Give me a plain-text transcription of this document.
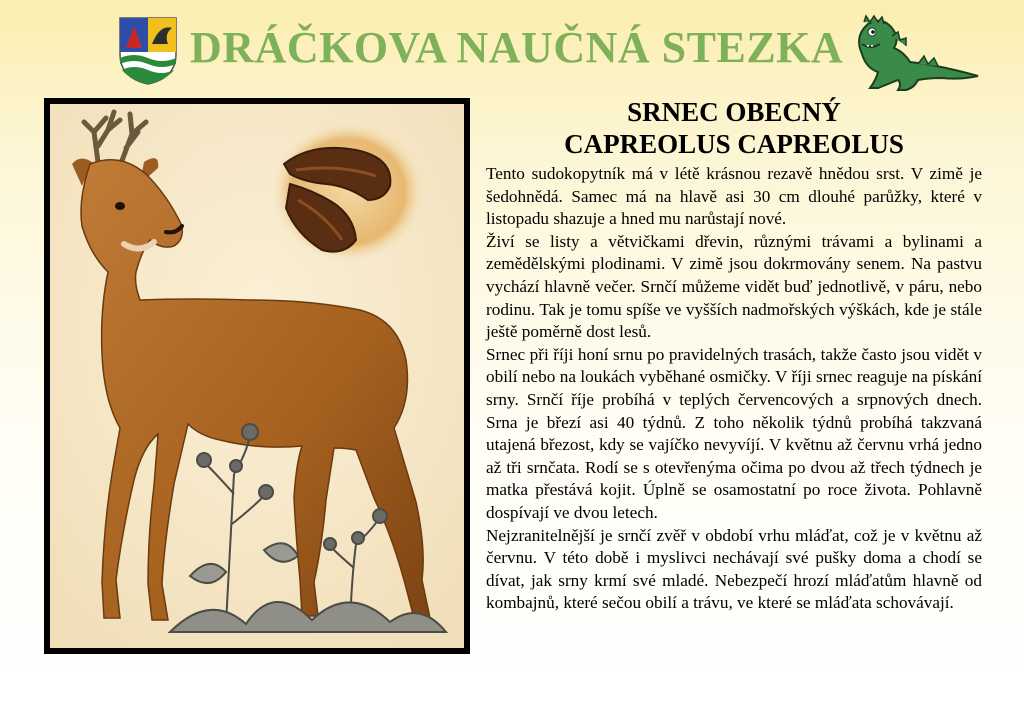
DRÁČKOVA NAUČNÁ STEZKA
SRNEC OBECNÝ
CAPREOLUS CAPREOLUS

Tento sudokopytník má v létě krásnou rezavě hnědou srst. V zimě je šedohnědá. Samec má na hlavě asi 30 cm dlouhé parůžky, které v listopadu shazuje a hned mu narůstají nové.

Živí se listy a větvičkami dřevin, různými trávami a bylinami a zemědělskými plodinami. V zimě jsou dokrmovány senem. Na pastvu vychází hlavně večer. Srnčí můžeme vidět buď jednotlivě, v páru, nebo rodinu. Tak je tomu spíše ve vyšších nadmořských výškách, kde je stále ještě poměrně dost lesů.

Srnec při říji honí srnu po pravidelných trasách, takže často jsou vidět v obilí nebo na loukách vyběhané osmičky. V říji srnec reaguje na pískání srny. Srnčí říje probíhá v teplých červencových a srpnových dnech. Srna je březí asi 40 týdnů. Z toho několik týdnů probíhá takzvaná utajená březost, kdy se vajíčko nevyvíjí. V květnu až červnu vrhá jedno až tři srnčata. Rodí se s otevřenýma očima po dvou až třech týdnech je matka přestává kojit. Úplně se osamostatní po roce života. Pohlavně dospívají ve dvou letech.

Nejzranitelnější je srnčí zvěř v období vrhu mláďat, což je v květnu až červnu. V této době i myslivci nechávají své pušky doma a chodí se dívat, jak srny krmí své mladé. Nebezpečí hrozí mláďatům hlavně od kombajnů, které sečou obilí a trávu, ve které se mláďata schovávají.
